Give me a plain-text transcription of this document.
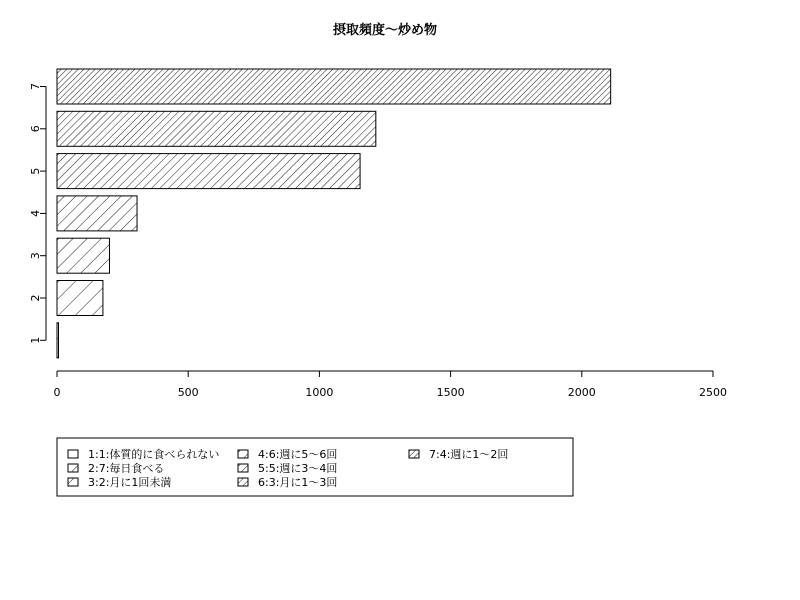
摂取頻度～炒め物
1
2
3
4
5
6
7
0	500	1000	1500	2000	2500
1:1:体質的に食べられない
2:7:毎日食べる
3:2:月に1回未満
4:6:週に5～6回
5:5:週に3～4回
6:3:月に1～3回
7:4:週に1～2回
